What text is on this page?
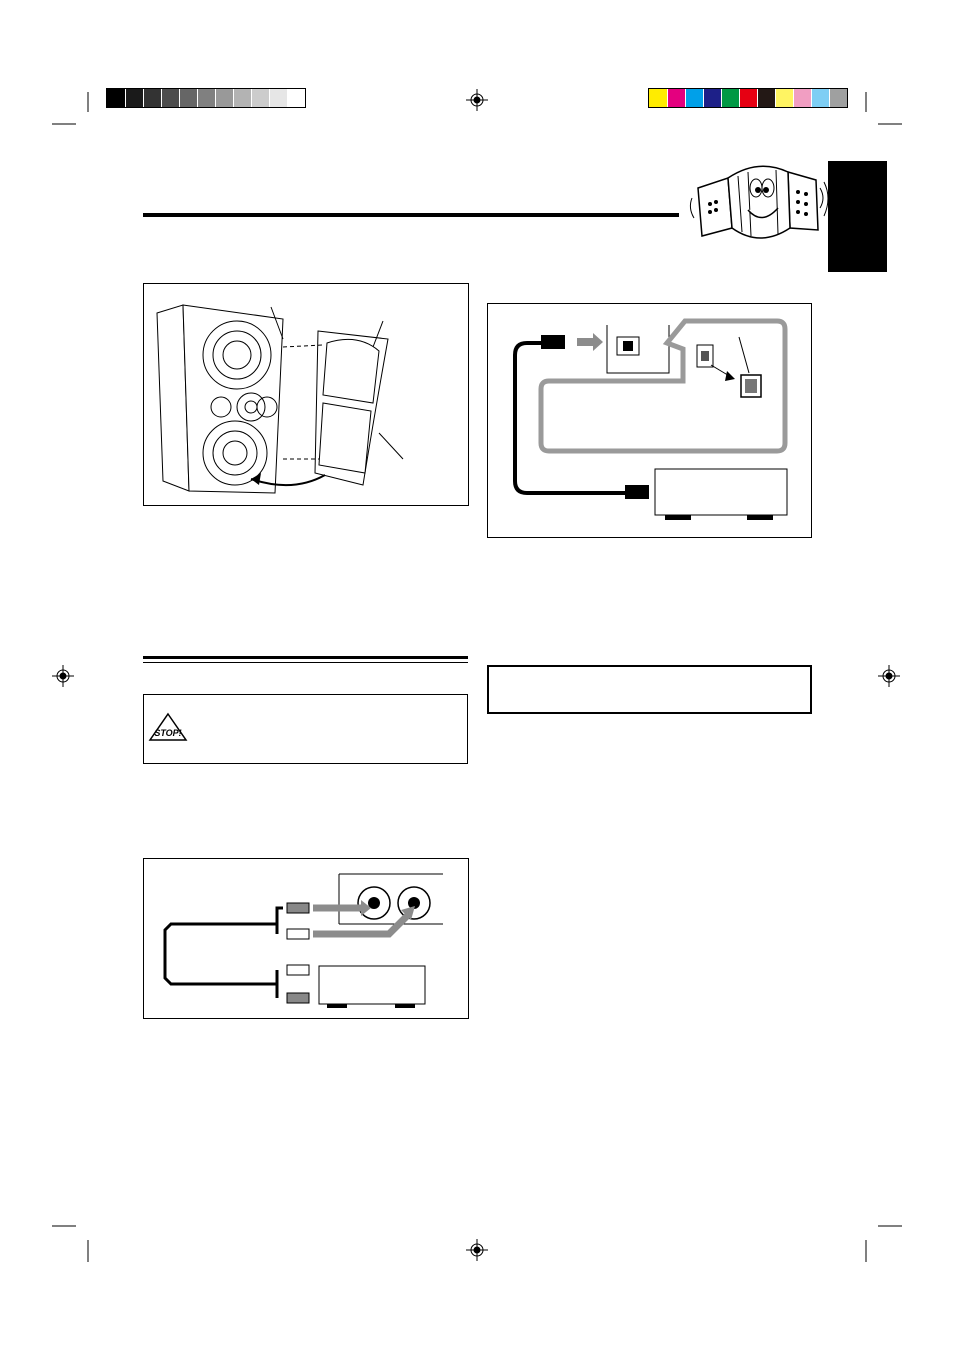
STOP!
